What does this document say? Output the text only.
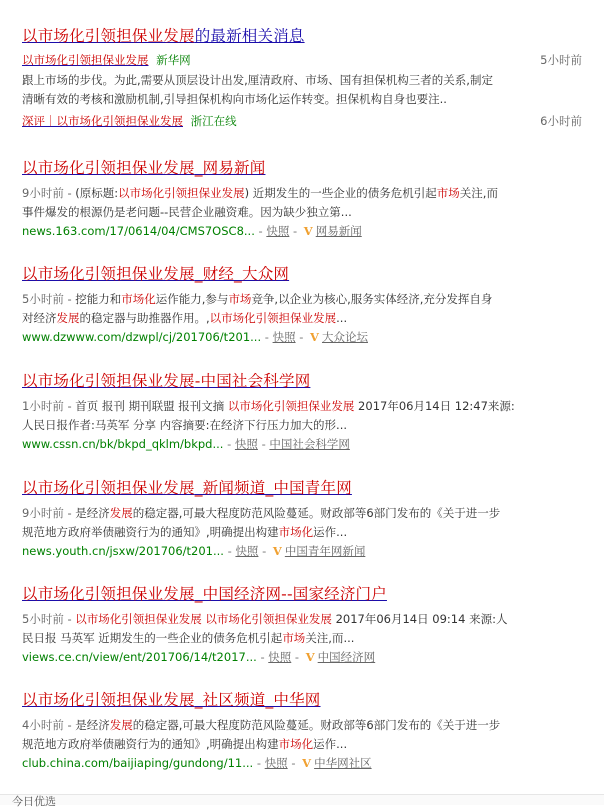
以市场化引领担保业发展的最新相关消息
以市场化引领担保业发展 新华网	5小时前
跟上市场的步伐。为此,需要从顶层设计出发,厘清政府、市场、国有担保机构三者的关系,制定
清晰有效的考核和激励机制,引导担保机构向市场化运作转变。担保机构自身也要注..
深评｜以市场化引领担保业发展 浙江在线	6小时前
以市场化引领担保业发展_网易新闻
9小时前 - (原标题:以市场化引领担保业发展) 近期发生的一些企业的债务危机引起市场关注,而
事件爆发的根源仍是老问题--民营企业融资难。因为缺少独立第...
news.163.com/17/0614/04/CMS7OSC8... - 快照 - V 网易新闻
以市场化引领担保业发展_财经_大众网
5小时前 - 挖能力和市场化运作能力,参与市场竞争,以企业为核心,服务实体经济,充分发挥自身
对经济发展的稳定器与助推器作用。,以市场化引领担保业发展...
www.dzwww.com/dzwpl/cj/201706/t201... - 快照 - V 大众论坛
以市场化引领担保业发展-中国社会科学网
1小时前 - 首页 报刊 期刊联盟 报刊文摘 以市场化引领担保业发展 2017年06月14日 12:47来源:
人民日报作者:马英军 分享 内容摘要:在经济下行压力加大的形...
www.cssn.cn/bk/bkpd_qklm/bkpd... - 快照 - 中国社会科学网
以市场化引领担保业发展_新闻频道_中国青年网
9小时前 - 是经济发展的稳定器,可最大程度防范风险蔓延。财政部等6部门发布的《关于进一步
规范地方政府举债融资行为的通知》,明确提出构建市场化运作...
news.youth.cn/jsxw/201706/t201... - 快照 - V 中国青年网新闻
以市场化引领担保业发展_中国经济网--国家经济门户
5小时前 - 以市场化引领担保业发展 以市场化引领担保业发展 2017年06月14日 09:14 来源:人
民日报 马英军 近期发生的一些企业的债务危机引起市场关注,而...
views.ce.cn/view/ent/201706/14/t2017... - 快照 - V 中国经济网
以市场化引领担保业发展_社区频道_中华网
4小时前 - 是经济发展的稳定器,可最大程度防范风险蔓延。财政部等6部门发布的《关于进一步
规范地方政府举债融资行为的通知》,明确提出构建市场化运作...
club.china.com/baijiaping/gundong/11... - 快照 - V 中华网社区
今日优选
